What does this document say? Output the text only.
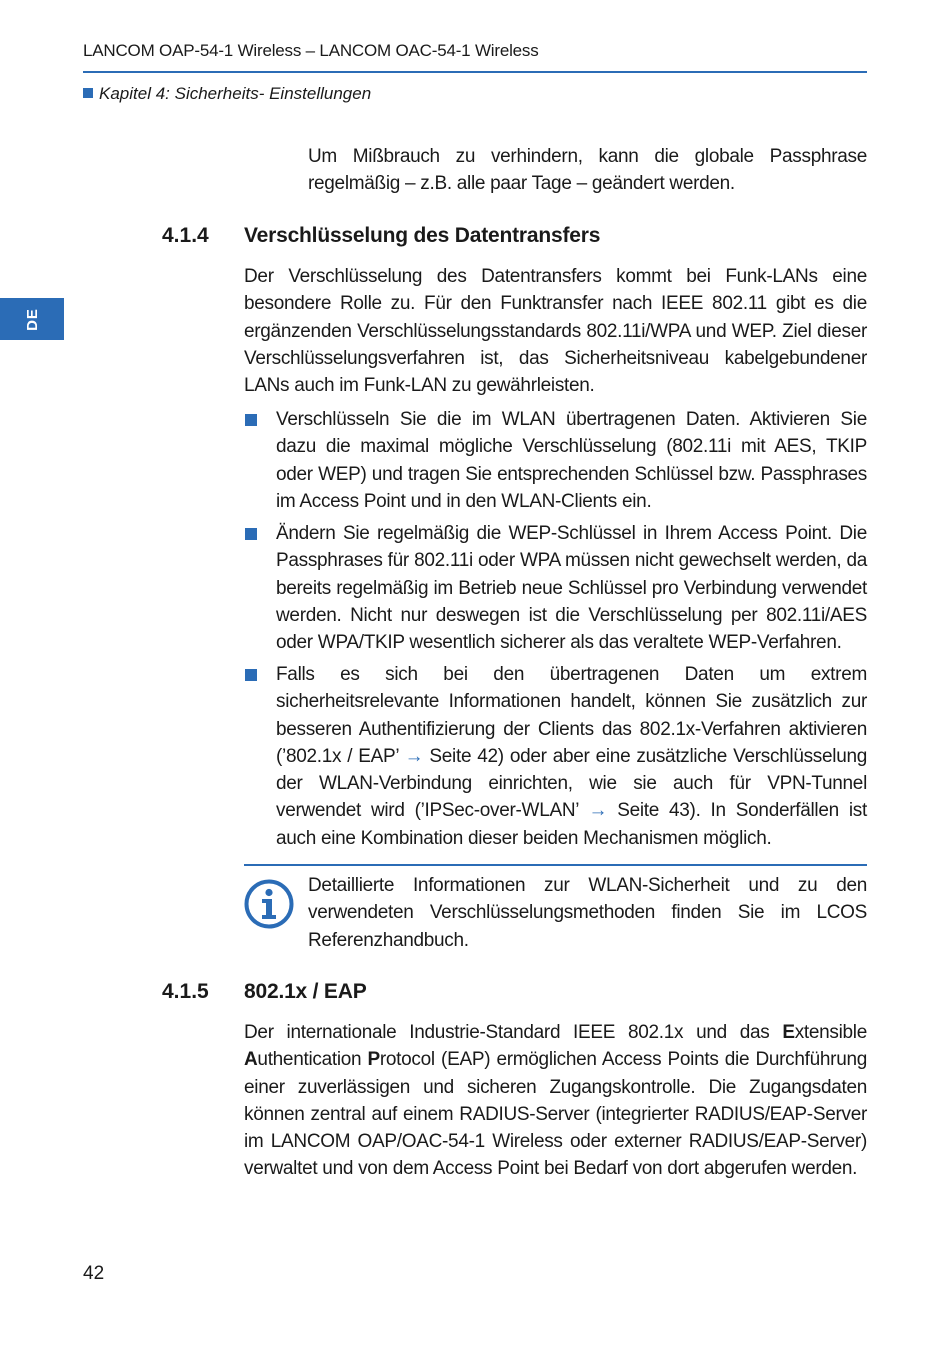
LANCOM OAP-54-1 Wireless – LANCOM OAC-54-1 Wireless
Kapitel 4: Sicherheits- Einstellungen
DE
Um Mißbrauch zu verhindern, kann die globale Passphrase regelmäßig – z.B. alle paar Tage – geändert werden.
4.1.4 Verschlüsselung des Datentransfers
Der Verschlüsselung des Datentransfers kommt bei Funk-LANs eine besondere Rolle zu. Für den Funktransfer nach IEEE 802.11 gibt es die ergänzenden Verschlüsselungsstandards 802.11i/WPA und WEP. Ziel dieser Verschlüsselungsverfahren ist, das Sicherheitsniveau kabelgebundener LANs auch im Funk-LAN zu gewährleisten.
Verschlüsseln Sie die im WLAN übertragenen Daten. Aktivieren Sie dazu die maximal mögliche Verschlüsselung (802.11i mit AES, TKIP oder WEP) und tragen Sie entsprechenden Schlüssel bzw. Passphrases im Access Point und in den WLAN-Clients ein.
Ändern Sie regelmäßig die WEP-Schlüssel in Ihrem Access Point. Die Passphrases für 802.11i oder WPA müssen nicht gewechselt werden, da bereits regelmäßig im Betrieb neue Schlüssel pro Verbindung verwendet werden. Nicht nur deswegen ist die Verschlüsselung per 802.11i/AES oder WPA/TKIP wesentlich sicherer als das veraltete WEP-Verfahren.
Falls es sich bei den übertragenen Daten um extrem sicherheitsrelevante Informationen handelt, können Sie zusätzlich zur besseren Authentifizierung der Clients das 802.1x-Verfahren aktivieren (’802.1x / EAP’ → Seite 42) oder aber eine zusätzliche Verschlüsselung der WLAN-Verbindung einrichten, wie sie auch für VPN-Tunnel verwendet wird (’IPSec-over-WLAN’ → Seite 43). In Sonderfällen ist auch eine Kombination dieser beiden Mechanismen möglich.
Detaillierte Informationen zur WLAN-Sicherheit und zu den verwendeten Verschlüsselungsmethoden finden Sie im LCOS Referenzhandbuch.
4.1.5 802.1x / EAP
Der internationale Industrie-Standard IEEE 802.1x und das Extensible Authentication Protocol (EAP) ermöglichen Access Points die Durchführung einer zuverlässigen und sicheren Zugangskontrolle. Die Zugangsdaten können zentral auf einem RADIUS-Server (integrierter RADIUS/EAP-Server im LANCOM OAP/OAC-54-1 Wireless oder externer RADIUS/EAP-Server) verwaltet und von dem Access Point bei Bedarf von dort abgerufen werden.
42
